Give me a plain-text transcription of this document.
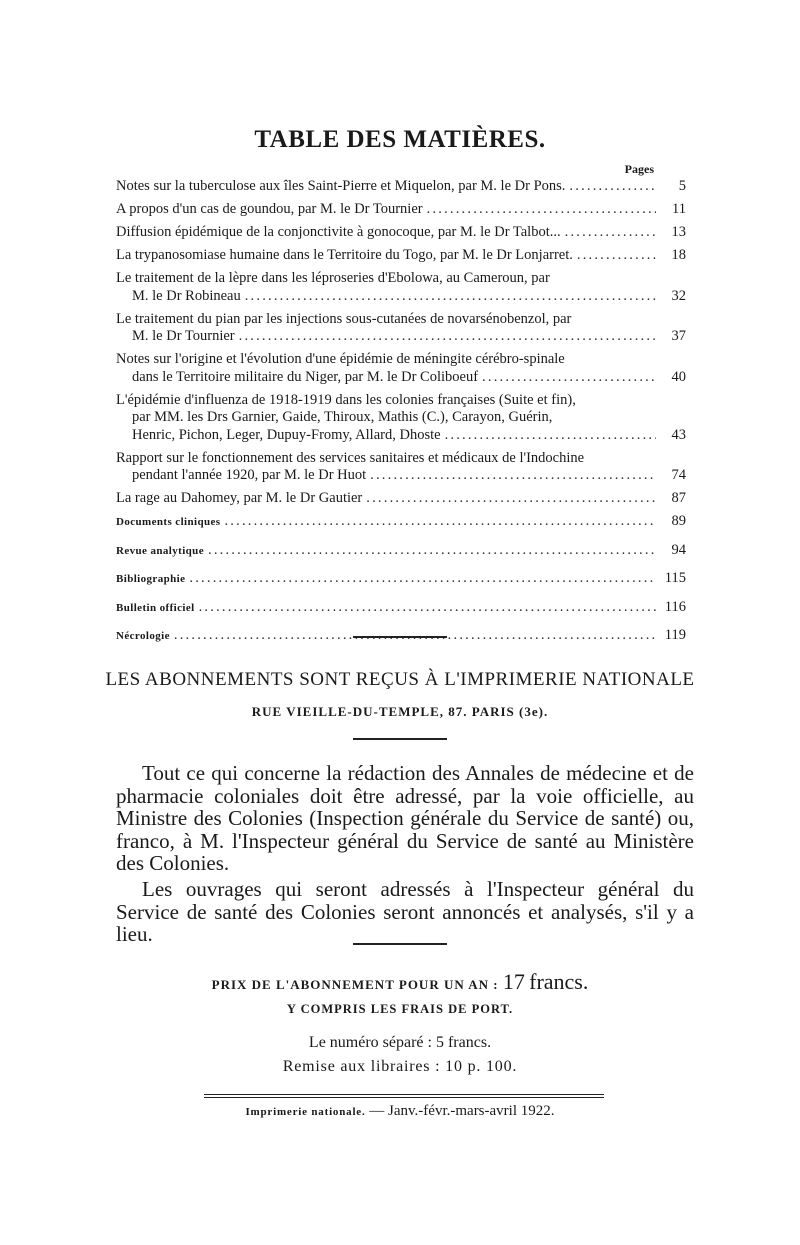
TABLE DES MATIÈRES.
Pages
Notes sur la tuberculose aux îles Saint-Pierre et Miquelon, par M. le Dr Pons. .....	5
A propos d'un cas de goundou, par M. le Dr Tournier .....	11
Diffusion épidémique de la conjonctivite à gonocoque, par M. le Dr Talbot... .....	13
La trypanosomiase humaine dans le Territoire du Togo, par M. le Dr Lonjarret. .....	18
Le traitement de la lèpre dans les léproseries d'Ebolowa, au Cameroun, par
M. le Dr Robineau .....	32
Le traitement du pian par les injections sous-cutanées de novarsénobenzol, par
M. le Dr Tournier .....	37
Notes sur l'origine et l'évolution d'une épidémie de méningite cérébro-spinale
dans le Territoire militaire du Niger, par M. le Dr Coliboeuf .....	40
L'épidémie d'influenza de 1918-1919 dans les colonies françaises (Suite et fin),
par MM. les Drs Garnier, Gaide, Thiroux, Mathis (C.), Carayon, Guérin,
Henric, Pichon, Leger, Dupuy-Fromy, Allard, Dhoste .....	43
Rapport sur le fonctionnement des services sanitaires et médicaux de l'Indochine
pendant l'année 1920, par M. le Dr Huot .....	74
La rage au Dahomey, par M. le Dr Gautier .....	87
Documents cliniques .....	89
Revue analytique .....	94
Bibliographie .....	115
Bulletin officiel .....	116
Nécrologie .....	119
LES ABONNEMENTS SONT REÇUS À L'IMPRIMERIE NATIONALE
RUE VIEILLE-DU-TEMPLE, 87. PARIS (3e).
Tout ce qui concerne la rédaction des Annales de médecine et de pharmacie coloniales doit être adressé, par la voie officielle, au Ministre des Colonies (Inspection générale du Service de santé) ou, franco, à M. l'Inspecteur général du Service de santé au Ministère des Colonies.
Les ouvrages qui seront adressés à l'Inspecteur général du Service de santé des Colonies seront annoncés et analysés, s'il y a lieu.
PRIX DE L'ABONNEMENT POUR UN AN : 17 francs.
Y COMPRIS LES FRAIS DE PORT.
Le numéro séparé : 5 francs.
Remise aux libraires : 10 p. 100.
Imprimerie nationale. — Janv.-févr.-mars-avril 1922.
